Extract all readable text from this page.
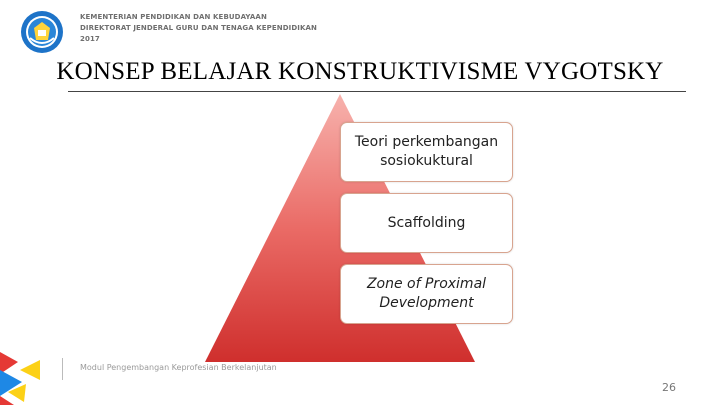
KEMENTERIAN PENDIDIKAN DAN KEBUDAYAAN
DIREKTORAT JENDERAL GURU DAN TENAGA KEPENDIDIKAN
2017
KONSEP BELAJAR KONSTRUKTIVISME VYGOTSKY
Teori perkembangan sosiokuktural
Scaffolding
Zone of Proximal Development
Modul Pengembangan Keprofesian Berkelanjutan
26
